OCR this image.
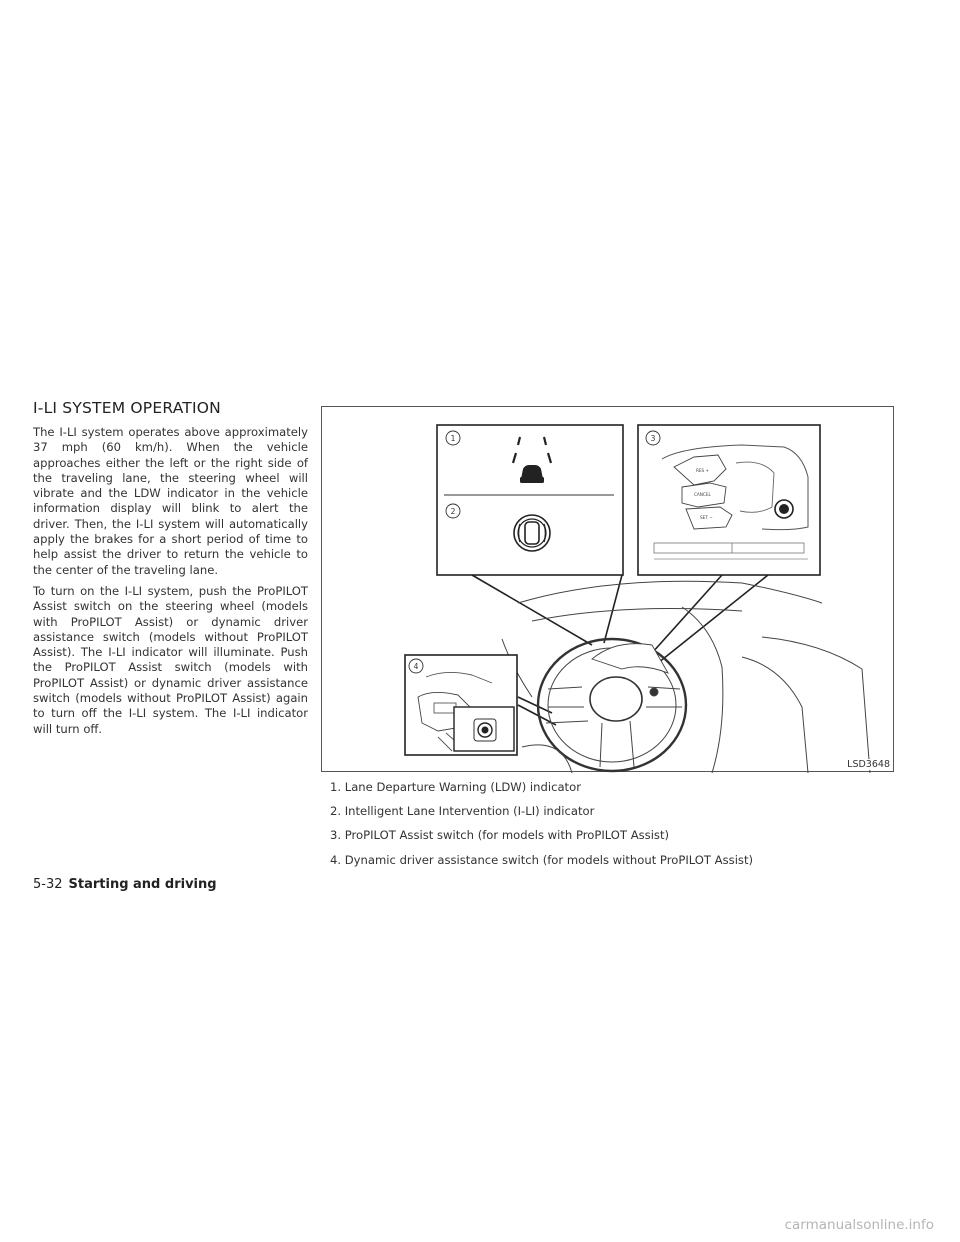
I-LI SYSTEM OPERATION

The I-LI system operates above approximately 37 mph (60 km/h). When the vehicle approaches either the left or the right side of the traveling lane, the steering wheel will vibrate and the LDW indicator in the vehicle information display will blink to alert the driver. Then, the I-LI system will automatically apply the brakes for a short period of time to help assist the driver to return the vehicle to the center of the traveling lane.

To turn on the I-LI system, push the ProPILOT Assist switch on the steering wheel (models with ProPILOT Assist) or dynamic driver assistance switch (models without ProPILOT Assist). The I-LI indicator will illuminate. Push the ProPILOT Assist switch (models with ProPILOT Assist) or dynamic driver assistance switch (models without ProPILOT Assist) again to turn off the I-LI system. The I-LI indicator will turn off.

1
2
3
RES +
CANCEL
SET −
4
LSD3648
1. Lane Departure Warning (LDW) indicator
2. Intelligent Lane Intervention (I-LI) indicator
3. ProPILOT Assist switch (for models with ProPILOT Assist)
4. Dynamic driver assistance switch (for models without ProPILOT Assist)
5-32 Starting and driving
carmanualsonline.info
